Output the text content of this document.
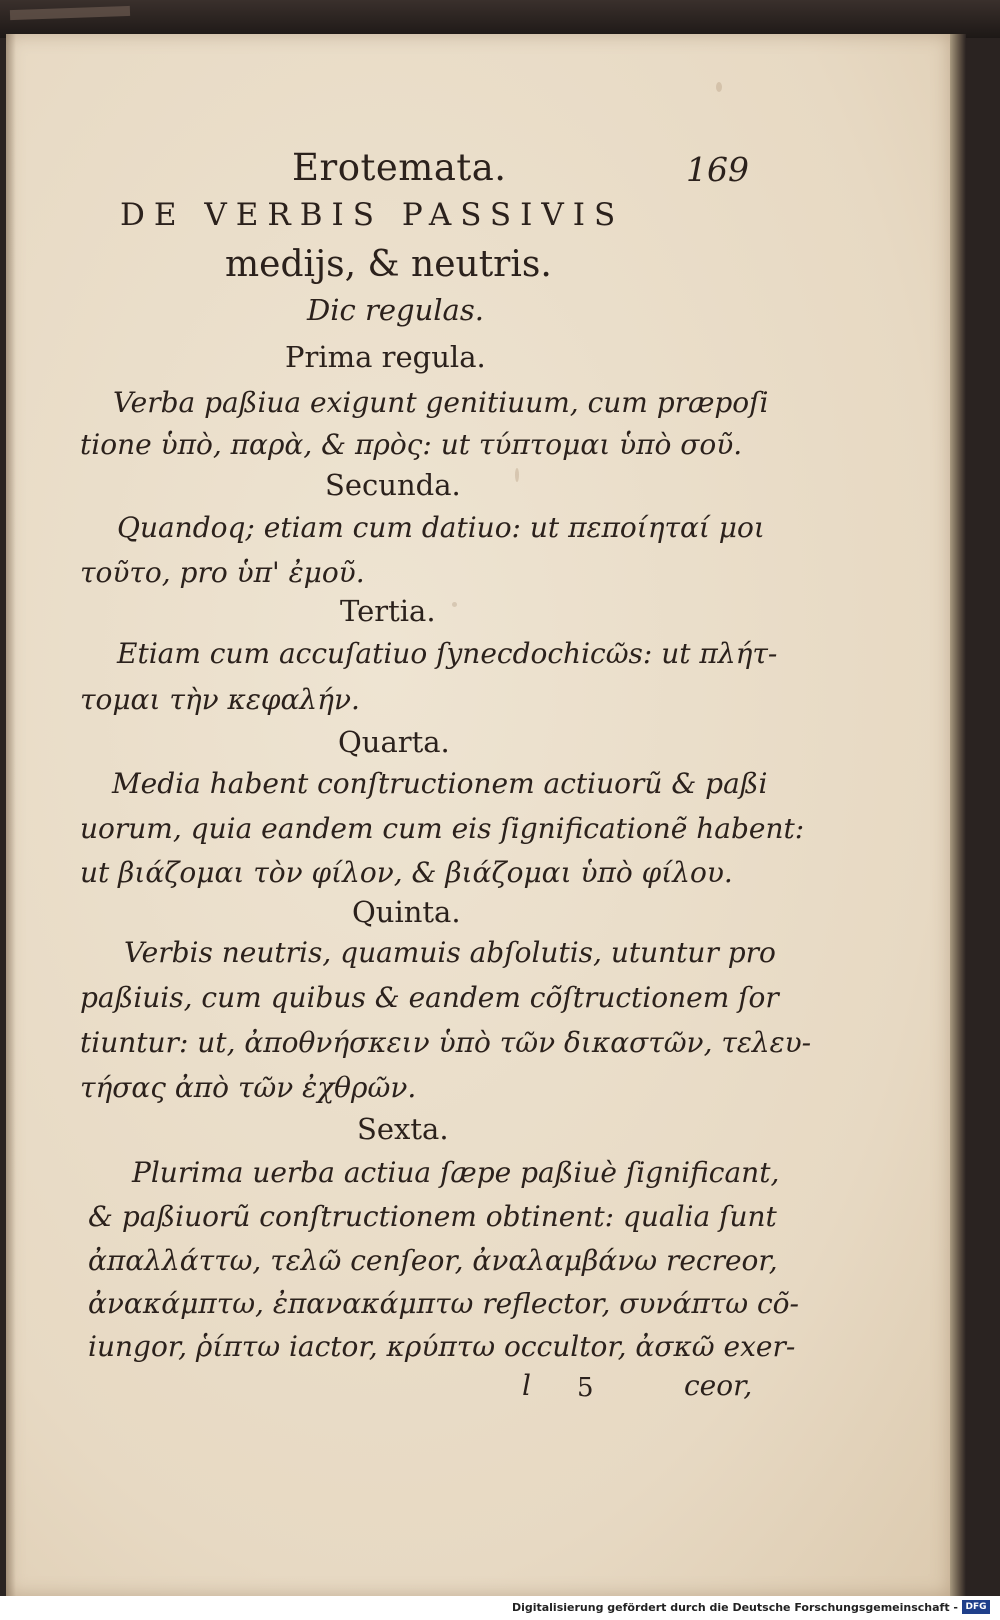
Erotemata.	169
DE VERBIS PASSIVIS
medijs, & neutris.
Dic regulas.
Prima regula.
Verba paßiua exigunt genitiuum, cum præpoſi
tione ὑπὸ, παρὰ, & πρὸς: ut τύπτομαι ὑπὸ σοῦ.
Secunda.
Quandoq; etiam cum datiuo: ut πεποίηταί μοι
τοῦτο, pro ὑπ' ἐμοῦ.
Tertia.
Etiam cum accuſatiuo ſynecdochicῶs: ut πλήτ-
τομαι τὴν κεφαλήν.
Quarta.
Media habent conſtructionem actiuorũ & paßi
uorum, quia eandem cum eis ſignificationẽ habent:
ut βιάζομαι τὸν φίλον, & βιάζομαι ὑπὸ φίλου.
Quinta.
Verbis neutris, quamuis abſolutis, utuntur pro
paßiuis, cum quibus & eandem cõſtructionem ſor
tiuntur: ut, ἀποθνήσκειν ὑπὸ τῶν δικαστῶν, τελευ-
τήσας ἀπὸ τῶν ἐχθρῶν.
Sexta.
Plurima uerba actiua ſæpe paßiuè ſignificant,
& paßiuorũ conſtructionem obtinent: qualia ſunt
ἀπαλλάττω, τελῶ cenſeor, ἀναλαμβάνω recreor,
ἀνακάμπτω, ἐπανακάμπτω reflector, συνάπτω cõ-
iungor, ῥίπτω iactor, κρύπτω occultor, ἀσκῶ exer-
l 5	ceor,
Digitalisierung gefördert durch die Deutsche Forschungsgemeinschaft - DFG
